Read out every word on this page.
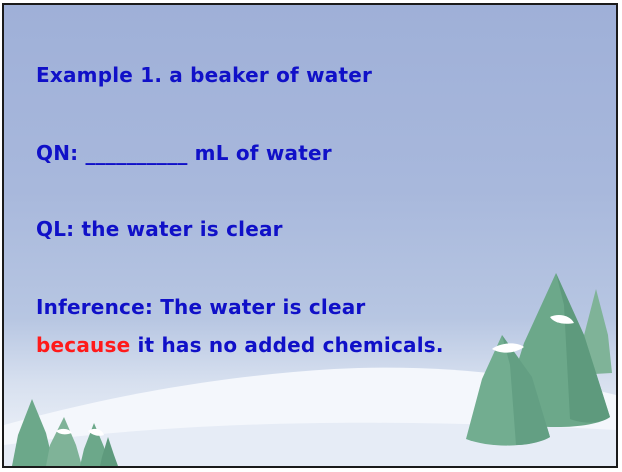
Example 1. a beaker of water

QN: __________ mL of water

QL: the water is clear

Inference: The water is clear

because it has no added chemicals.
